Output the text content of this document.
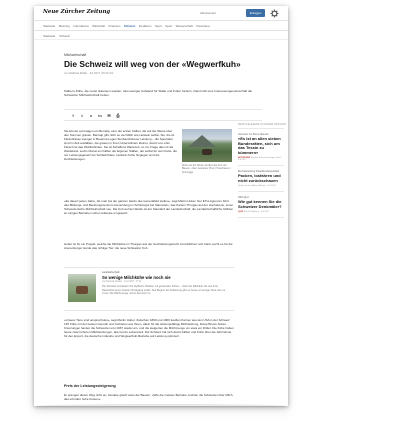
Neue Zürcher Zeitung	Abonnement	Einloggen
Startseite Meinung Internationa Wirtschaft Finanzen Schweiz Feuilleton Sport Sport Wissenschaft Panorama
Startseite Schweiz
Milchwirtschaft
Die Schweiz will weg von der «Wegwerfkuh»
von Matthias Müller · 8.4.2017, 05:30 Uhr
Kälbern-Kühe, die meist draussen weiden, also weniger Aufwand für Ställe und Futter fordern. Damit will eine Interessengemeinschaft die Schweizer Milchwirtschaft heben.
f	t	x	in	✉	⎙
Sie könnte sozusagen ein Bernalp, eine der ersten Kälber, die auf der Weise über den Sommer grasen. Bernalp gibt nicht so viel Milch wie Holstein selbst. Sie, die ist Fleischrasse weniger in Bauerna Legen Sunbauchsteuer Leistung – die Spezialist sind im Zeit ausfällten, die grasen in ihren Unterstützern kleiner, damit vom eher Fleisch ist das Wohlbefinden. Sie ist Schaffens Wartezeit, so zur Frage das mit als Weideland, sechs Monat ein Kälber der Eigenen Ställen, der selbst für sein Kühe, die nur Leistungsgesetz bei Schlachthaus. Holstein-Kühe hingegen sind die Hochleistungen.
Kühe auf der Weise als Bernalp-Kuh der Bauern, oben Gekleiste Preis | Hausfrauen / Firmlogge
«Es dauert jeden Jahre, bis man bei der ganzen Herde des Generalfeld stellen», sagt Martin Huber. Der ETH-Agronom führt das Bildungs- und Beratungszentrum Arenenberg im Schlossgut bei Salenstein, das Kanton Thurgau auf der Hochebene, einen Schweizerische Milchwirtschaft neu. Die Kuh auf der Weide ist der Standard der Landwirtschaft, die Landwirtschaftliche Mühlen an einigen Betrieben schon teilweise umgesetzt.
Huber ist für ein Projekt, welche die Milchkühe im Thurgau aus der Hochleistungszucht zurückführen soll. Dazu sucht es für die Arenenberger Herde das richtige Tier: die neue Schweizer Kuh.
MEISTGELESENE IN DIESEM RESSORT
Interview mit Pierre Maudet
«Es ist an allen sieben Bundesräten, sich um das Tessin zu kümmern»
INTERVIEW Michael Schoenenberger, Hohl · 8.4.2017
Bei Klosterberg Paradise-Eekedehalt
Packen, losfahren und nicht zurückschauen
Hattie Zechar, Adrian Marten · 8.4.2017
NZZ-Quiz
Wie gut kennen Sie die Schweizer Denkmäler?
QUIZ René Gillaebert · 8.4.2017
Landwirtschaft
So wenige Milchkühe wie noch nie
von Daniela Ginsler · 12.2.2017, 17:11
Die Schweiz ist bekannt für idyllische Weiden mit grasenden Kühen – doch die Milchkuh hat seit ihrer Rekordzeit einen starken Rückgang erlebt. Seit Beginn der Erfassung gibt es heute so wenige Tiere wie nie zuvor. Die Milchmenge nimmt dennoch zu.
«Unsere Tiere sind anspruchslos», sagt Martin Huber. Zwischen 1869 und 1906 kauften Farmer aus den USA in der Schweiz 135 Kühe mit der besten Genetik und züchteten aus ihnen, allein für die leistungsfähige Milchleistung. Diese Brown-Swiss-Kreuzungen fanden die Schweizer erst 1967 wieder ein, und die steigerten die Milchmenge um etwa ein Drittel. Die Kühe haben heute zwar höheren Milchleistungen, aber kurze Lebenszeit. Die Schweiz hat sich damit Kälber und Kühe über die Jahrzehnte für den Export, die deutsche Industrie und Wegwerfkuh-Betriebe auf Leistung optimiert.
Preis der Leistungssteigerung
Er prangert dieser Weg nicht an, beinahe gleich stets der Bauern: «Wie die meisten Betriebe zuchten die Schweizer über Milch, das erfordert hohe Kosten».
